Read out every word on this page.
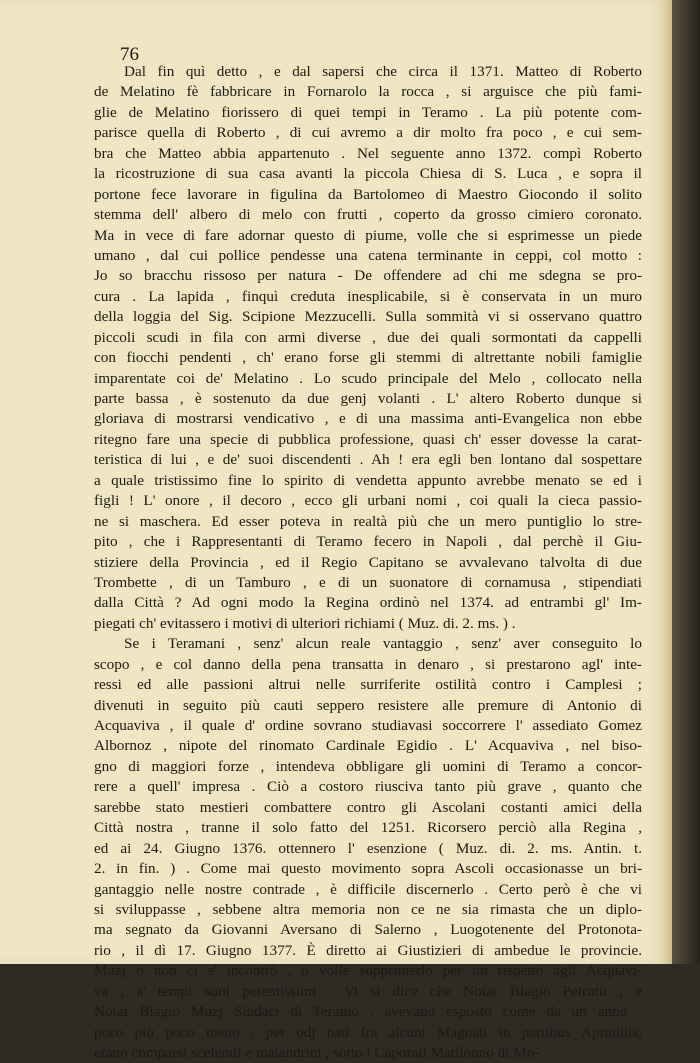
76
Dal fin quì detto , e dal sapersi che circa il 1371. Matteo di Roberto
de Melatino fè fabbricare in Fornarolo la rocca , si arguisce che più fami-
glie de Melatino fiorissero di quei tempi in Teramo . La più potente com-
parisce quella di Roberto , di cui avremo a dir molto fra poco , e cui sem-
bra che Matteo abbia appartenuto . Nel seguente anno 1372. compì Roberto
la ricostruzione di sua casa avanti la piccola Chiesa di S. Luca , e sopra il
portone fece lavorare in figulina da Bartolomeo di Maestro Giocondo il solito
stemma dell' albero di melo con frutti , coperto da grosso cimiero coronato.
Ma in vece di fare adornar questo di piume, volle che si esprimesse un piede
umano , dal cui pollice pendesse una catena terminante in ceppi, col motto :
Jo so bracchu rissoso per natura - De offendere ad chi me sdegna se pro-
cura . La lapida , finquì creduta inesplicabile, si è conservata in un muro
della loggia del Sig. Scipione Mezzucelli. Sulla sommità vi si osservano quattro
piccoli scudi in fila con armi diverse , due dei quali sormontati da cappelli
con fiocchi pendenti , ch' erano forse gli stemmi di altrettante nobili famiglie
imparentate coi de' Melatino . Lo scudo principale del Melo , collocato nella
parte bassa , è sostenuto da due genj volanti . L' altero Roberto dunque si
gloriava di mostrarsi vendicativo , e di una massima anti-Evangelica non ebbe
ritegno fare una specie di pubblica professione, quasi ch' esser dovesse la carat-
teristica di lui , e de' suoi discendenti . Ah ! era egli ben lontano dal sospettare
a quale tristissimo fine lo spirito di vendetta appunto avrebbe menato se ed i
figli ! L' onore , il decoro , ecco gli urbani nomi , coi quali la cieca passio-
ne si maschera. Ed esser poteva in realtà più che un mero puntiglio lo stre-
pito , che i Rappresentanti di Teramo fecero in Napoli , dal perchè il Giu-
stiziere della Provincia , ed il Regio Capitano se avvalevano talvolta di due
Trombette , di un Tamburo , e di un suonatore di cornamusa , stipendiati
dalla Città ? Ad ogni modo la Regina ordinò nel 1374. ad entrambi gl' Im-
piegati ch' evitassero i motivi di ulteriori richiami ( Muz. di. 2. ms. ) .
Se i Teramani , senz' alcun reale vantaggio , senz' aver conseguito lo
scopo , e col danno della pena transatta in denaro , si prestarono agl' inte-
ressi ed alle passioni altrui nelle surriferite ostilità contro i Camplesi ;
divenuti in seguito più cauti seppero resistere alle premure di Antonio di
Acquaviva , il quale d' ordine sovrano studiavasi soccorrere l' assediato Gomez
Albornoz , nipote del rinomato Cardinale Egidio . L' Acquaviva , nel biso-
gno di maggiori forze , intendeva obbligare gli uomini di Teramo a concor-
rere a quell' impresa . Ciò a costoro riusciva tanto più grave , quanto che
sarebbe stato mestieri combattere contro gli Ascolani costanti amici della
Città nostra , tranne il solo fatto del 1251. Ricorsero perciò alla Regina ,
ed ai 24. Giugno 1376. ottennero l' esenzione ( Muz. di. 2. ms. Antin. t.
2. in fin. ) . Come mai questo movimento sopra Ascoli occasionasse un bri-
gantaggio nelle nostre contrade , è difficile discernerlo . Certo però è che vi
si sviluppasse , sebbene altra memoria non ce ne sia rimasta che un diplo-
ma segnato da Giovanni Aversano di Salerno , Luogotenente del Protonota-
rio , il dì 17. Giugno 1377. È diretto ai Giustizieri di ambedue le provincie.
Muzj o non ci s' incontrò , o volle sopprimerlo per un rispetto agli Acquavi-
va , a' tempi suoi potentissimi . Vi si dice che Notar Biagio Petrutii , e
Notar Biagio Muzj Sindaci di Teramo , avevano esposto come da un anno ,
poco più poco meno , per odj nati fra alcuni Magnati in partibus Aprutinis,
erano comparsi scelerati e malandrini , sotto i Caporali Matilonno di Mo-
